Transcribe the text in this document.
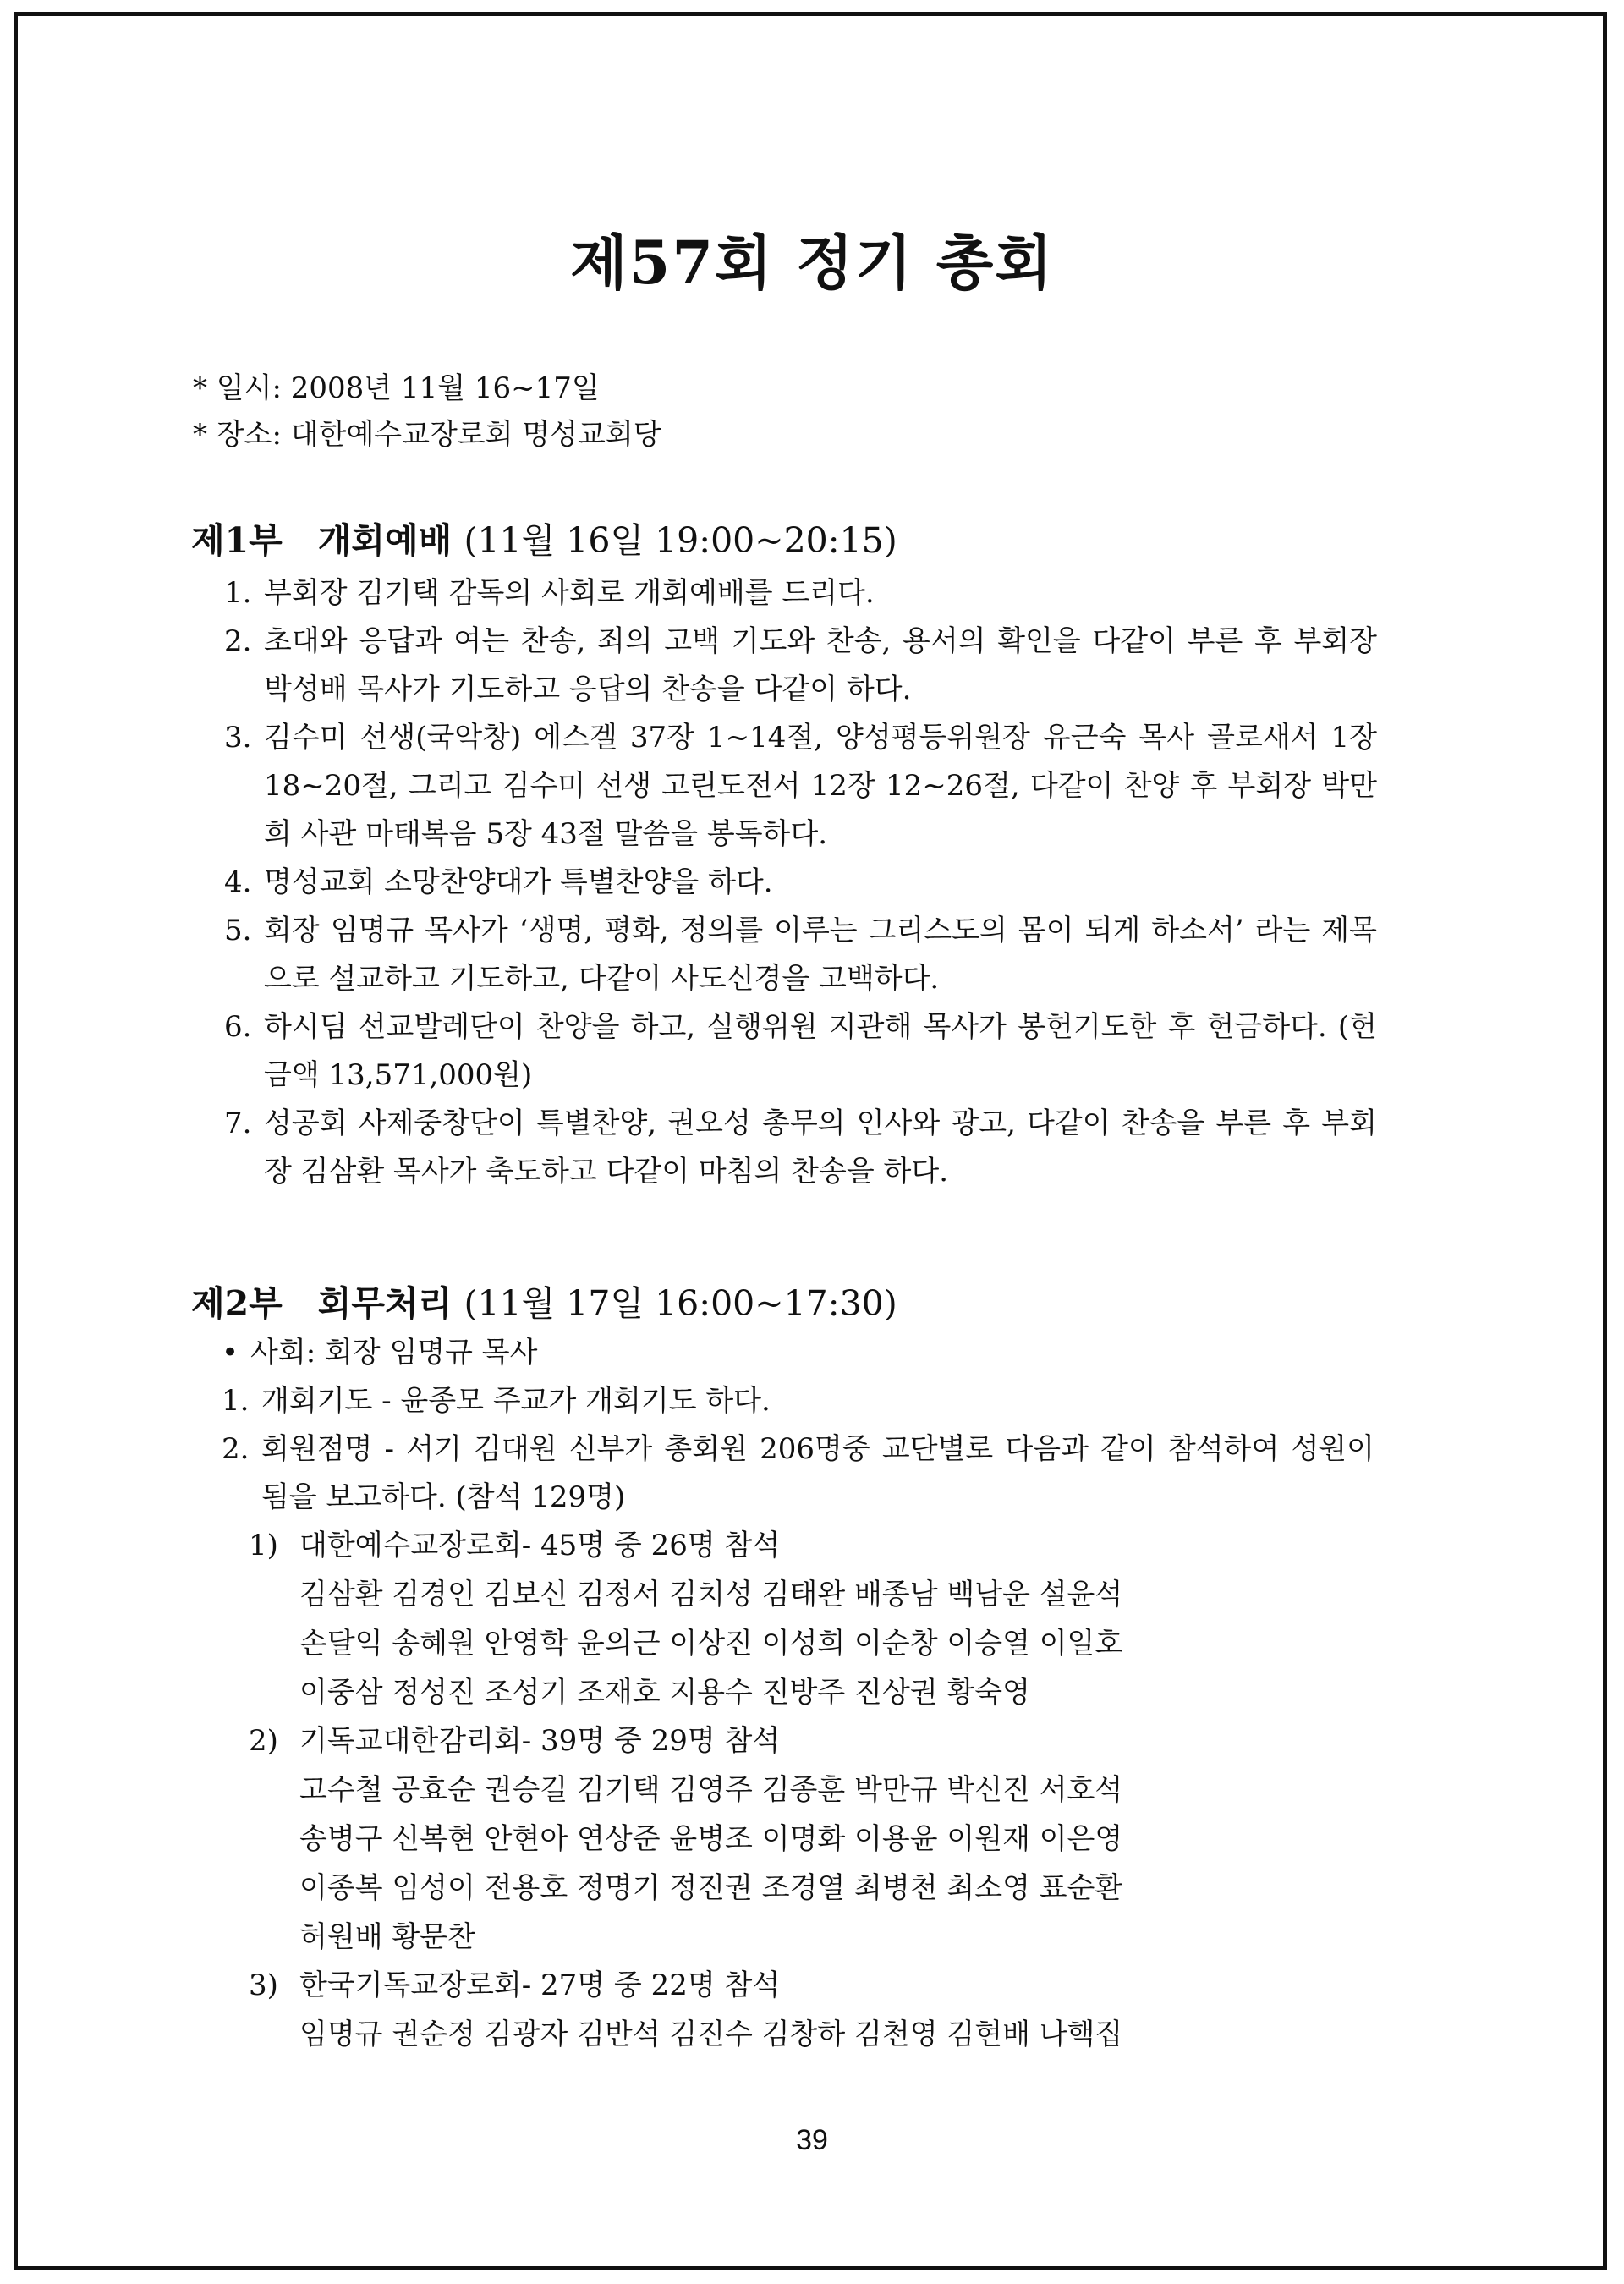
제57회 정기 총회
* 일시: 2008년 11월 16~17일
* 장소: 대한예수교장로회 명성교회당
제1부 개회예배 (11월 16일 19:00~20:15)
1. 부회장 김기택 감독의 사회로 개회예배를 드리다.
2. 초대와 응답과 여는 찬송, 죄의 고백 기도와 찬송, 용서의 확인을 다같이 부른 후 부회장 박성배 목사가 기도하고 응답의 찬송을 다같이 하다.
3. 김수미 선생(국악창) 에스겔 37장 1~14절, 양성평등위원장 유근숙 목사 골로새서 1장18~20절, 그리고 김수미 선생 고린도전서 12장 12~26절, 다같이 찬양 후 부회장 박만희 사관 마태복음 5장 43절 말씀을 봉독하다.
4. 명성교회 소망찬양대가 특별찬양을 하다.
5. 회장 임명규 목사가 ‘생명, 평화, 정의를 이루는 그리스도의 몸이 되게 하소서’ 라는 제목으로 설교하고 기도하고, 다같이 사도신경을 고백하다.
6. 하시딤 선교발레단이 찬양을 하고, 실행위원 지관해 목사가 봉헌기도한 후 헌금하다. (헌금액 13,571,000원)
7. 성공회 사제중창단이 특별찬양, 권오성 총무의 인사와 광고, 다같이 찬송을 부른 후 부회장 김삼환 목사가 축도하고 다같이 마침의 찬송을 하다.
제2부 회무처리 (11월 17일 16:00~17:30)
• 사회: 회장 임명규 목사
1. 개회기도 - 윤종모 주교가 개회기도 하다.
2. 회원점명 - 서기 김대원 신부가 총회원 206명중 교단별로 다음과 같이 참석하여 성원이 됨을 보고하다. (참석 129명)
1) 대한예수교장로회- 45명 중 26명 참석
김삼환 김경인 김보신 김정서 김치성 김태완 배종남 백남운 설윤석
손달익 송혜원 안영학 윤의근 이상진 이성희 이순창 이승열 이일호
이중삼 정성진 조성기 조재호 지용수 진방주 진상권 황숙영
2) 기독교대한감리회- 39명 중 29명 참석
고수철 공효순 권승길 김기택 김영주 김종훈 박만규 박신진 서호석
송병구 신복현 안현아 연상준 윤병조 이명화 이용윤 이원재 이은영
이종복 임성이 전용호 정명기 정진권 조경열 최병천 최소영 표순환
허원배 황문찬
3) 한국기독교장로회- 27명 중 22명 참석
임명규 권순정 김광자 김반석 김진수 김창하 김천영 김현배 나핵집
39
